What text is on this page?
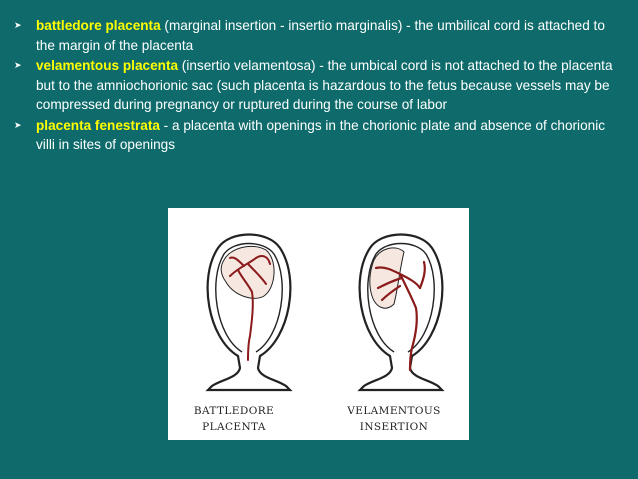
➤ battledore placenta (marginal insertion - insertio marginalis) - the umbilical cord is attached to the margin of the placenta
➤ velamentous placenta (insertio velamentosa) - the umbical cord is not attached to the placenta but to the amniochorionic sac (such placenta is hazardous to the fetus because vessels may be compressed during pregnancy or ruptured during the course of labor
➤ placenta fenestrata - a placenta with openings in the chorionic plate and absence of chorionic villi in sites of openings
BATTLEDORE
PLACENTA
VELAMENTOUS
INSERTION
